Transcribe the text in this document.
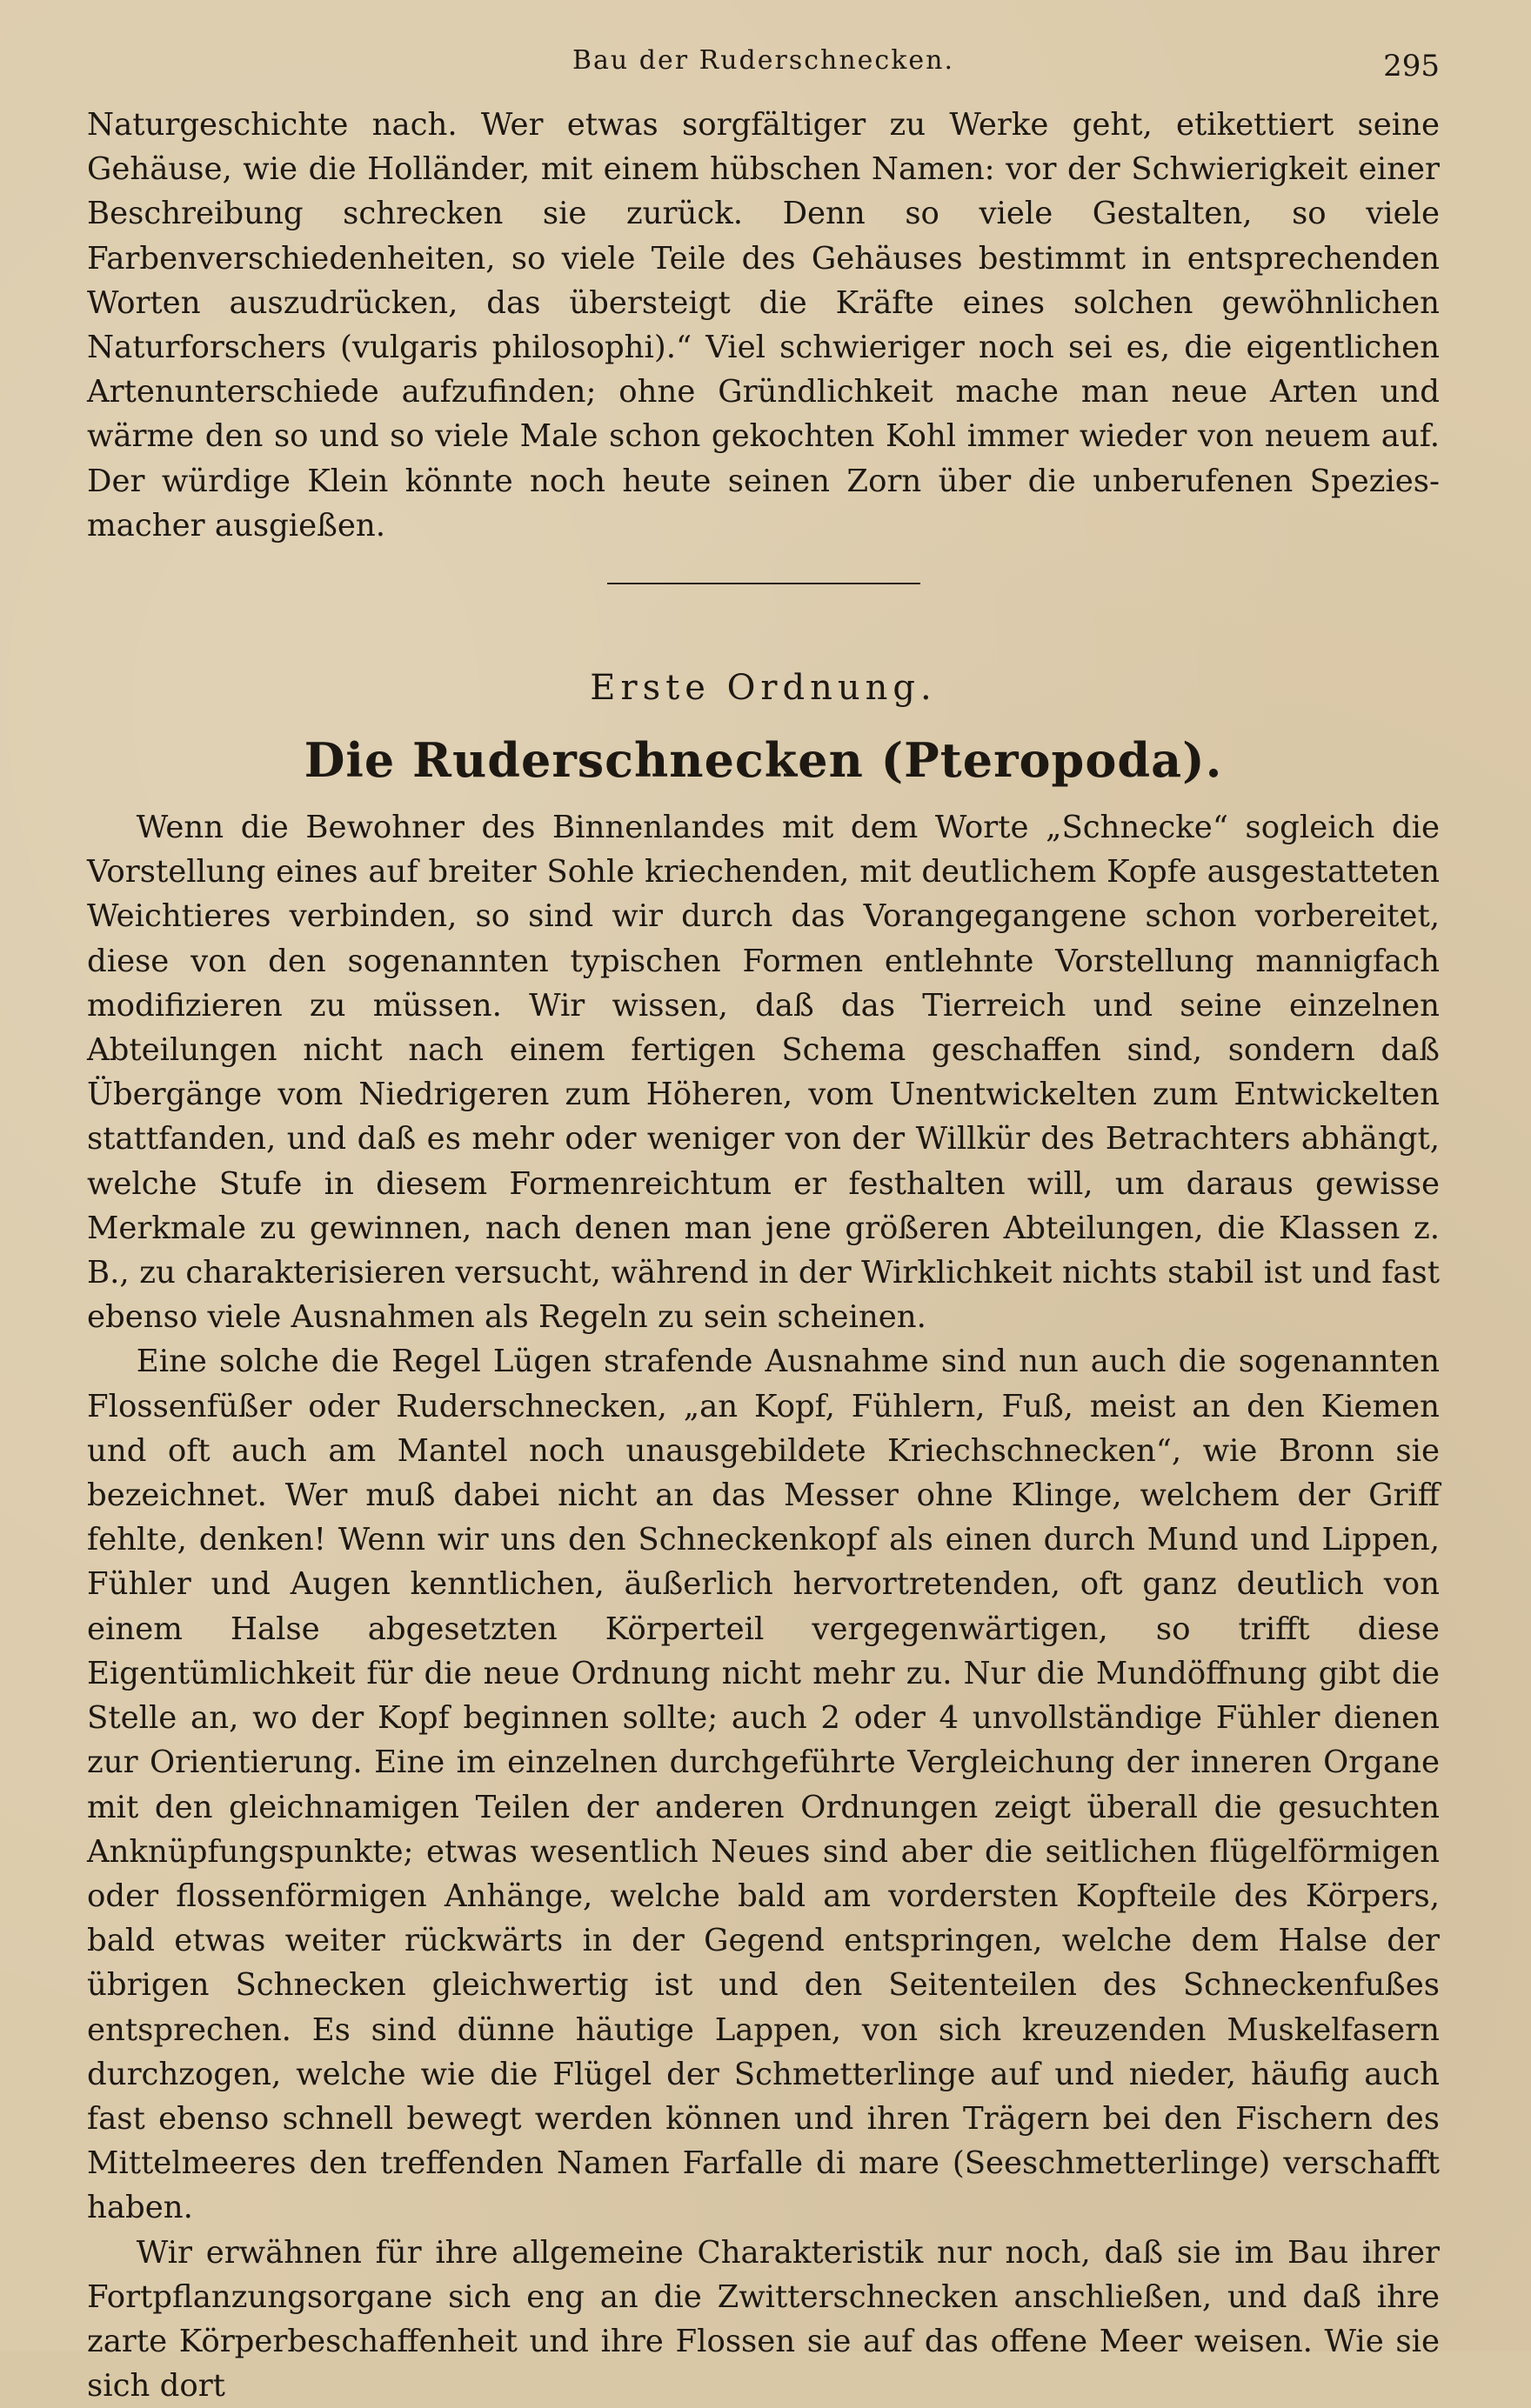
Bau der Ruderschnecken.	295

Naturgeschichte nach. Wer etwas sorgfältiger zu Werke geht, etikettiert seine Gehäuse, wie die Holländer, mit einem hübschen Namen: vor der Schwierigkeit einer Beschreibung schrecken sie zurück. Denn so viele Gestalten, so viele Farbenverschiedenheiten, so viele Teile des Gehäuses bestimmt in entsprechenden Worten auszudrücken, das übersteigt die Kräfte eines solchen gewöhnlichen Naturforschers (vulgaris philosophi).“ Viel schwieriger noch sei es, die eigentlichen Artenunterschiede aufzufinden; ohne Gründlichkeit mache man neue Arten und wärme den so und so viele Male schon gekochten Kohl immer wieder von neuem auf. Der würdige Klein könnte noch heute seinen Zorn über die unberufenen Speziesmacher ausgießen.

Erste Ordnung.
Die Ruderschnecken (Pteropoda).

Wenn die Bewohner des Binnenlandes mit dem Worte „Schnecke“ sogleich die Vorstellung eines auf breiter Sohle kriechenden, mit deutlichem Kopfe ausgestatteten Weichtieres verbinden, so sind wir durch das Vorangegangene schon vorbereitet, diese von den sogenannten typischen Formen entlehnte Vorstellung mannigfach modifizieren zu müssen. Wir wissen, daß das Tierreich und seine einzelnen Abteilungen nicht nach einem fertigen Schema geschaffen sind, sondern daß Übergänge vom Niedrigeren zum Höheren, vom Unentwickelten zum Entwickelten stattfanden, und daß es mehr oder weniger von der Willkür des Betrachters abhängt, welche Stufe in diesem Formenreichtum er festhalten will, um daraus gewisse Merkmale zu gewinnen, nach denen man jene größeren Abteilungen, die Klassen z. B., zu charakterisieren versucht, während in der Wirklichkeit nichts stabil ist und fast ebenso viele Ausnahmen als Regeln zu sein scheinen.

Eine solche die Regel Lügen strafende Ausnahme sind nun auch die sogenannten Flossenfüßer oder Ruderschnecken, „an Kopf, Fühlern, Fuß, meist an den Kiemen und oft auch am Mantel noch unausgebildete Kriechschnecken“, wie Bronn sie bezeichnet. Wer muß dabei nicht an das Messer ohne Klinge, welchem der Griff fehlte, denken! Wenn wir uns den Schneckenkopf als einen durch Mund und Lippen, Fühler und Augen kenntlichen, äußerlich hervortretenden, oft ganz deutlich von einem Halse abgesetzten Körperteil vergegenwärtigen, so trifft diese Eigentümlichkeit für die neue Ordnung nicht mehr zu. Nur die Mundöffnung gibt die Stelle an, wo der Kopf beginnen sollte; auch 2 oder 4 unvollständige Fühler dienen zur Orientierung. Eine im einzelnen durchgeführte Vergleichung der inneren Organe mit den gleichnamigen Teilen der anderen Ordnungen zeigt überall die gesuchten Anknüpfungspunkte; etwas wesentlich Neues sind aber die seitlichen flügelförmigen oder flossenförmigen Anhänge, welche bald am vordersten Kopfteile des Körpers, bald etwas weiter rückwärts in der Gegend entspringen, welche dem Halse der übrigen Schnecken gleichwertig ist und den Seitenteilen des Schneckenfußes entsprechen. Es sind dünne häutige Lappen, von sich kreuzenden Muskelfasern durchzogen, welche wie die Flügel der Schmetterlinge auf und nieder, häufig auch fast ebenso schnell bewegt werden können und ihren Trägern bei den Fischern des Mittelmeeres den treffenden Namen Farfalle di mare (Seeschmetterlinge) verschafft haben.

Wir erwähnen für ihre allgemeine Charakteristik nur noch, daß sie im Bau ihrer Fortpflanzungsorgane sich eng an die Zwitterschnecken anschließen, und daß ihre zarte Körperbeschaffenheit und ihre Flossen sie auf das offene Meer weisen. Wie sie sich dort
